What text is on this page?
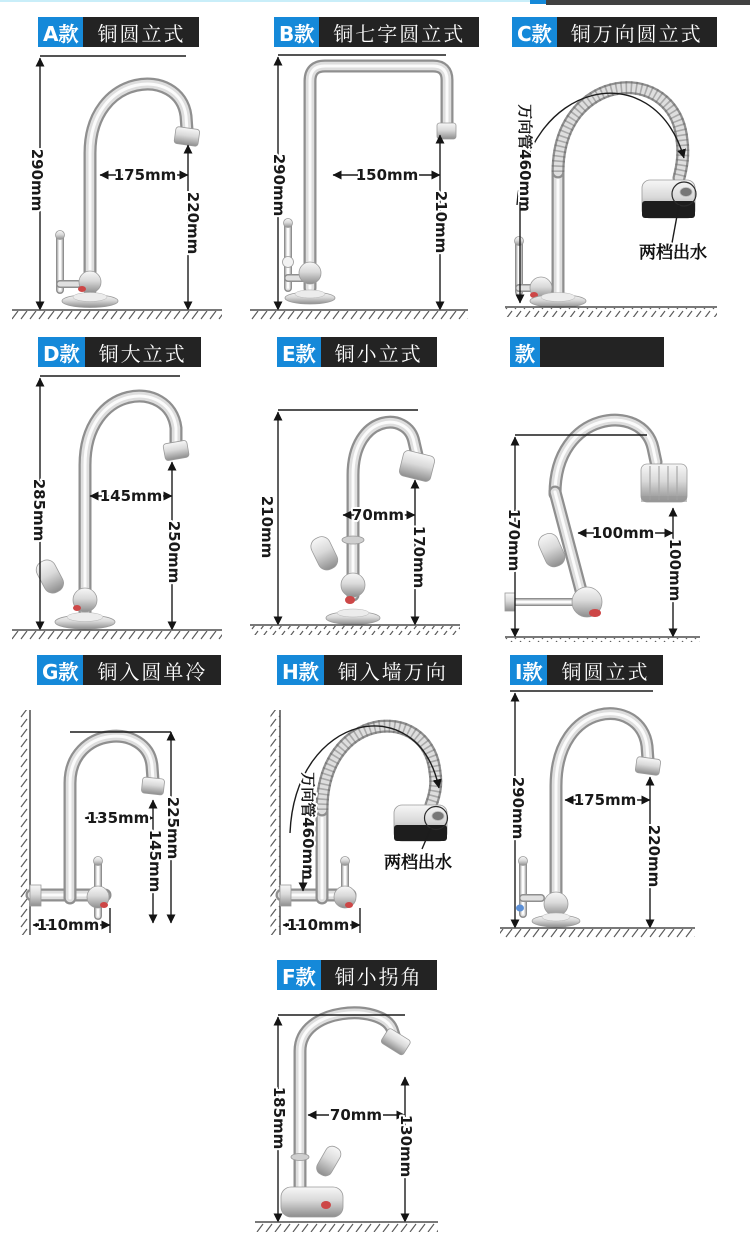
A款 铜圆立式
290mm	175mm
220mm
B款 铜七字圆立式
290mm	150mm
210mm
C款 铜万向圆立式
万向管460mm
两档出水
D款 铜大立式
285mm	145mm
250mm
E款 铜小立式
210mm	70mm
170mm
款
170mm	100mm
100mm
G款 铜入圆单冷
135mm
145mm
225mm
110mm
H款 铜入墙万向
万向管460mm	两档出水
110mm
I款 铜圆立式
290mm	175mm
220mm
F款 铜小拐角
185mm	70mm 130mm
